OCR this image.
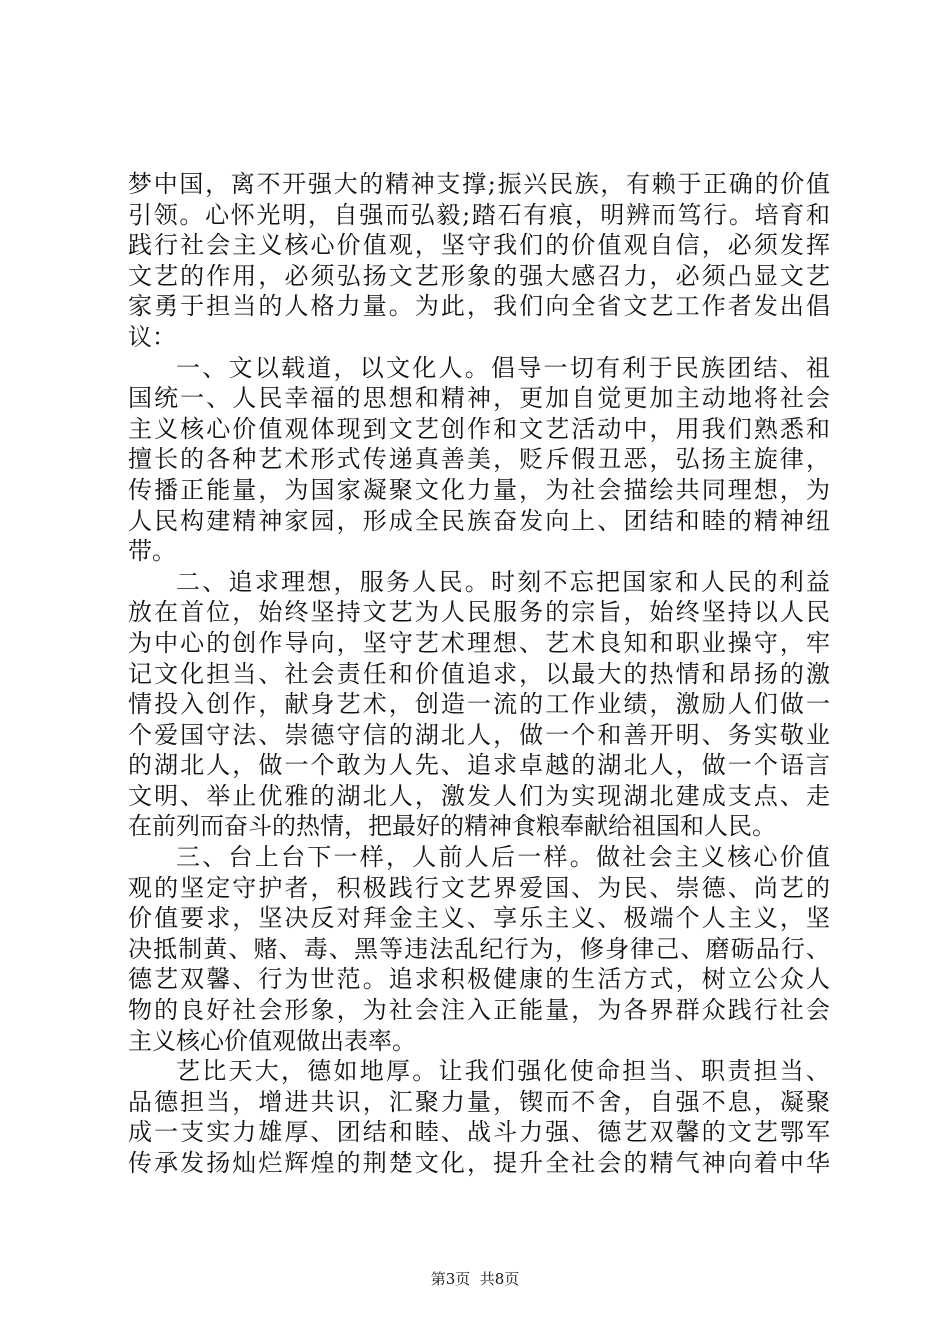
梦中国，离不开强大的精神支撑;振兴民族，有赖于正确的价值
引领。心怀光明，自强而弘毅;踏石有痕，明辨而笃行。培育和
践行社会主义核心价值观，坚守我们的价值观自信，必须发挥
文艺的作用，必须弘扬文艺形象的强大感召力，必须凸显文艺
家勇于担当的人格力量。为此，我们向全省文艺工作者发出倡
议：
一、文以载道，以文化人。倡导一切有利于民族团结、祖
国统一、人民幸福的思想和精神，更加自觉更加主动地将社会
主义核心价值观体现到文艺创作和文艺活动中，用我们熟悉和
擅长的各种艺术形式传递真善美，贬斥假丑恶，弘扬主旋律，
传播正能量，为国家凝聚文化力量，为社会描绘共同理想，为
人民构建精神家园，形成全民族奋发向上、团结和睦的精神纽
带。
二、追求理想，服务人民。时刻不忘把国家和人民的利益
放在首位，始终坚持文艺为人民服务的宗旨，始终坚持以人民
为中心的创作导向，坚守艺术理想、艺术良知和职业操守，牢
记文化担当、社会责任和价值追求，以最大的热情和昂扬的激
情投入创作，献身艺术，创造一流的工作业绩，激励人们做一
个爱国守法、崇德守信的湖北人，做一个和善开明、务实敬业
的湖北人，做一个敢为人先、追求卓越的湖北人，做一个语言
文明、举止优雅的湖北人，激发人们为实现湖北建成支点、走
在前列而奋斗的热情，把最好的精神食粮奉献给祖国和人民。
三、台上台下一样，人前人后一样。做社会主义核心价值
观的坚定守护者，积极践行文艺界爱国、为民、崇德、尚艺的
价值要求，坚决反对拜金主义、享乐主义、极端个人主义，坚
决抵制黄、赌、毒、黑等违法乱纪行为，修身律己、磨砺品行、
德艺双馨、行为世范。追求积极健康的生活方式，树立公众人
物的良好社会形象，为社会注入正能量，为各界群众践行社会
主义核心价值观做出表率。
艺比天大，德如地厚。让我们强化使命担当、职责担当、
品德担当，增进共识，汇聚力量，锲而不舍，自强不息，凝聚
成一支实力雄厚、团结和睦、战斗力强、德艺双馨的文艺鄂军
传承发扬灿烂辉煌的荆楚文化，提升全社会的精气神向着中华
第3页  共8页
